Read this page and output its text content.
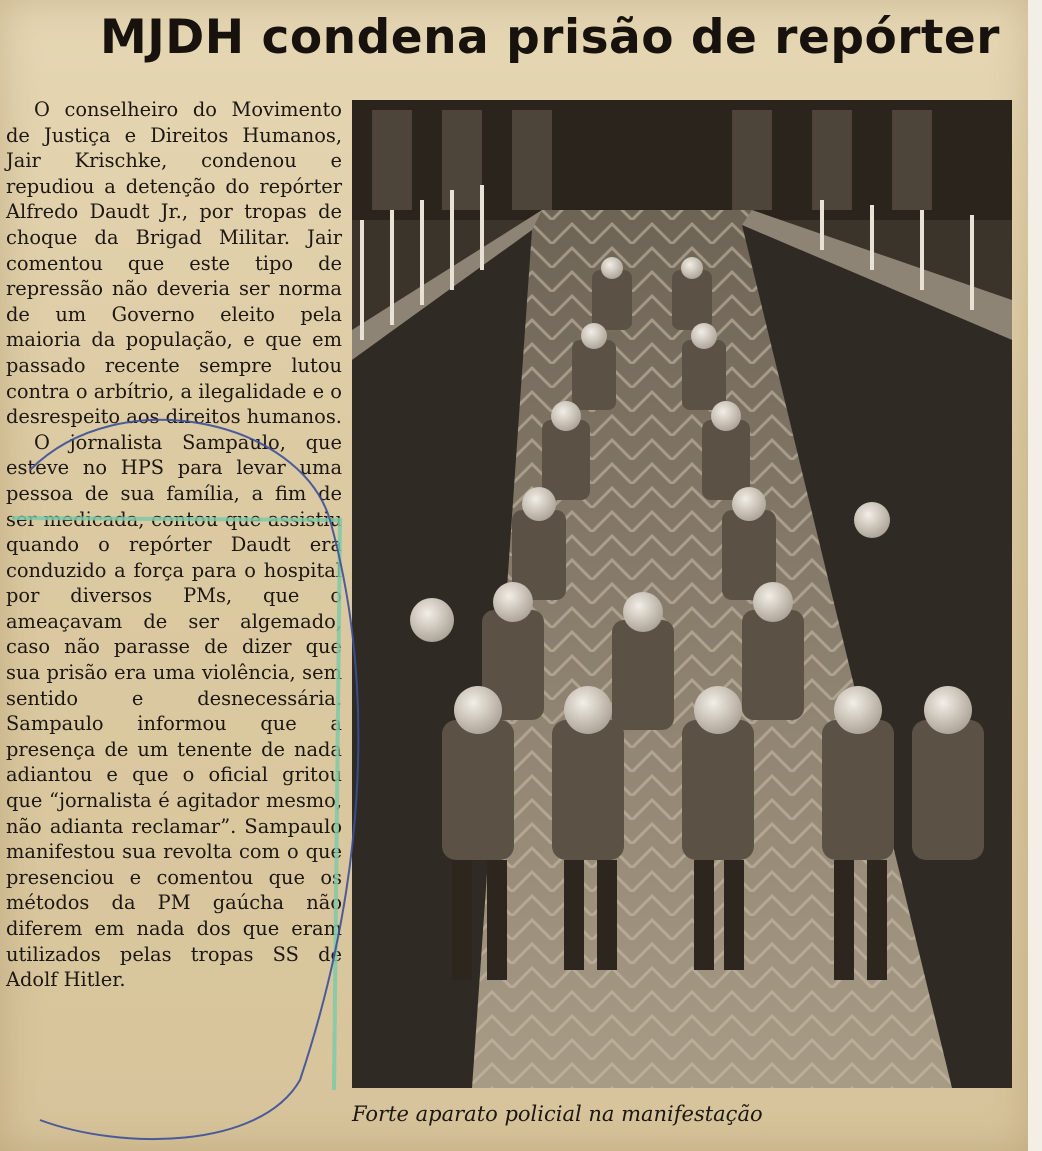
MJDH condena prisão de repórter

O conselheiro do Movimento de Justiça e Direitos Humanos, Jair Krischke, condenou e repudiou a detenção do repórter Alfredo Daudt Jr., por tropas de choque da Brigad Militar. Jair comentou que este tipo de repressão não deveria ser norma de um Governo eleito pela maioria da população, e que em passado recente sempre lutou contra o arbítrio, a ilegalidade e o desrespeito aos direitos humanos.

O jornalista Sampaulo, que esteve no HPS para levar uma pessoa de sua família, a fim de ser medicada, contou que assistiu quando o repórter Daudt era conduzido a força para o hospital por diversos PMs, que o ameaçavam de ser algemado, caso não parasse de dizer que sua prisão era uma violência, sem sentido e desnecessária. Sampaulo informou que a presença de um tenente de nada adiantou e que o oficial gritou que “jornalista é agitador mesmo, não adianta reclamar”. Sampaulo manifestou sua revolta com o que presenciou e comentou que os métodos da PM gaúcha não diferem em nada dos que eram utilizados pelas tropas SS de Adolf Hitler.

Forte aparato policial na manifestação
